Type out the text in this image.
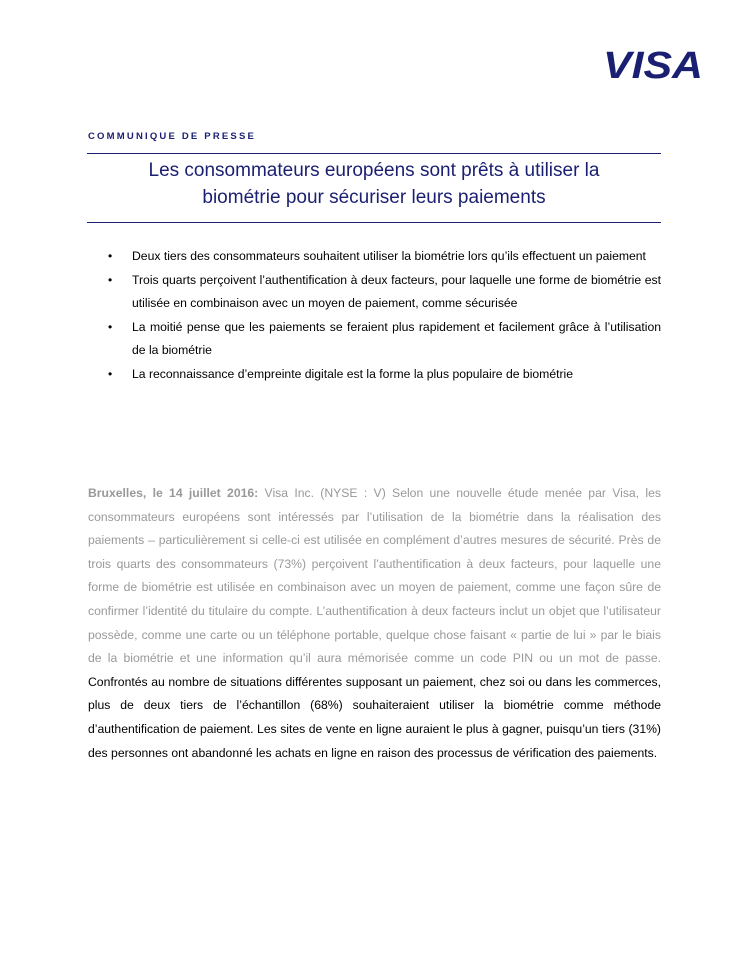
VISA
COMMUNIQUE DE PRESSE
Les consommateurs européens sont prêts à utiliser la
biométrie pour sécuriser leurs paiements
• Deux tiers des consommateurs souhaitent utiliser la biométrie lors qu’ils effectuent un paiement
• Trois quarts perçoivent l’authentification à deux facteurs, pour laquelle une forme de biométrie est utilisée en combinaison avec un moyen de paiement, comme sécurisée
• La moitié pense que les paiements se feraient plus rapidement et facilement grâce à l’utilisation de la biométrie
• La reconnaissance d’empreinte digitale est la forme la plus populaire de biométrie

Bruxelles, le 14 juillet 2016: Visa Inc. (NYSE : V) Selon une nouvelle étude menée par Visa, les consommateurs européens sont intéressés par l’utilisation de la biométrie dans la réalisation des paiements – particulièrement si celle-ci est utilisée en complément d’autres mesures de sécurité. Près de trois quarts des consommateurs (73%) perçoivent l’authentification à deux facteurs, pour laquelle une forme de biométrie est utilisée en combinaison avec un moyen de paiement, comme une façon sûre de confirmer l’identité du titulaire du compte. L’authentification à deux facteurs inclut un objet que l’utilisateur possède, comme une carte ou un téléphone portable, quelque chose faisant « partie de lui » par le biais de la biométrie et une information qu’il aura mémorisée comme un code PIN ou un mot de passe. Confrontés au nombre de situations différentes supposant un paiement, chez soi ou dans les commerces, plus de deux tiers de l’échantillon (68%) souhaiteraient utiliser la biométrie comme méthode d’authentification de paiement. Les sites de vente en ligne auraient le plus à gagner, puisqu’un tiers (31%) des personnes ont abandonné les achats en ligne en raison des processus de vérification des paiements.
